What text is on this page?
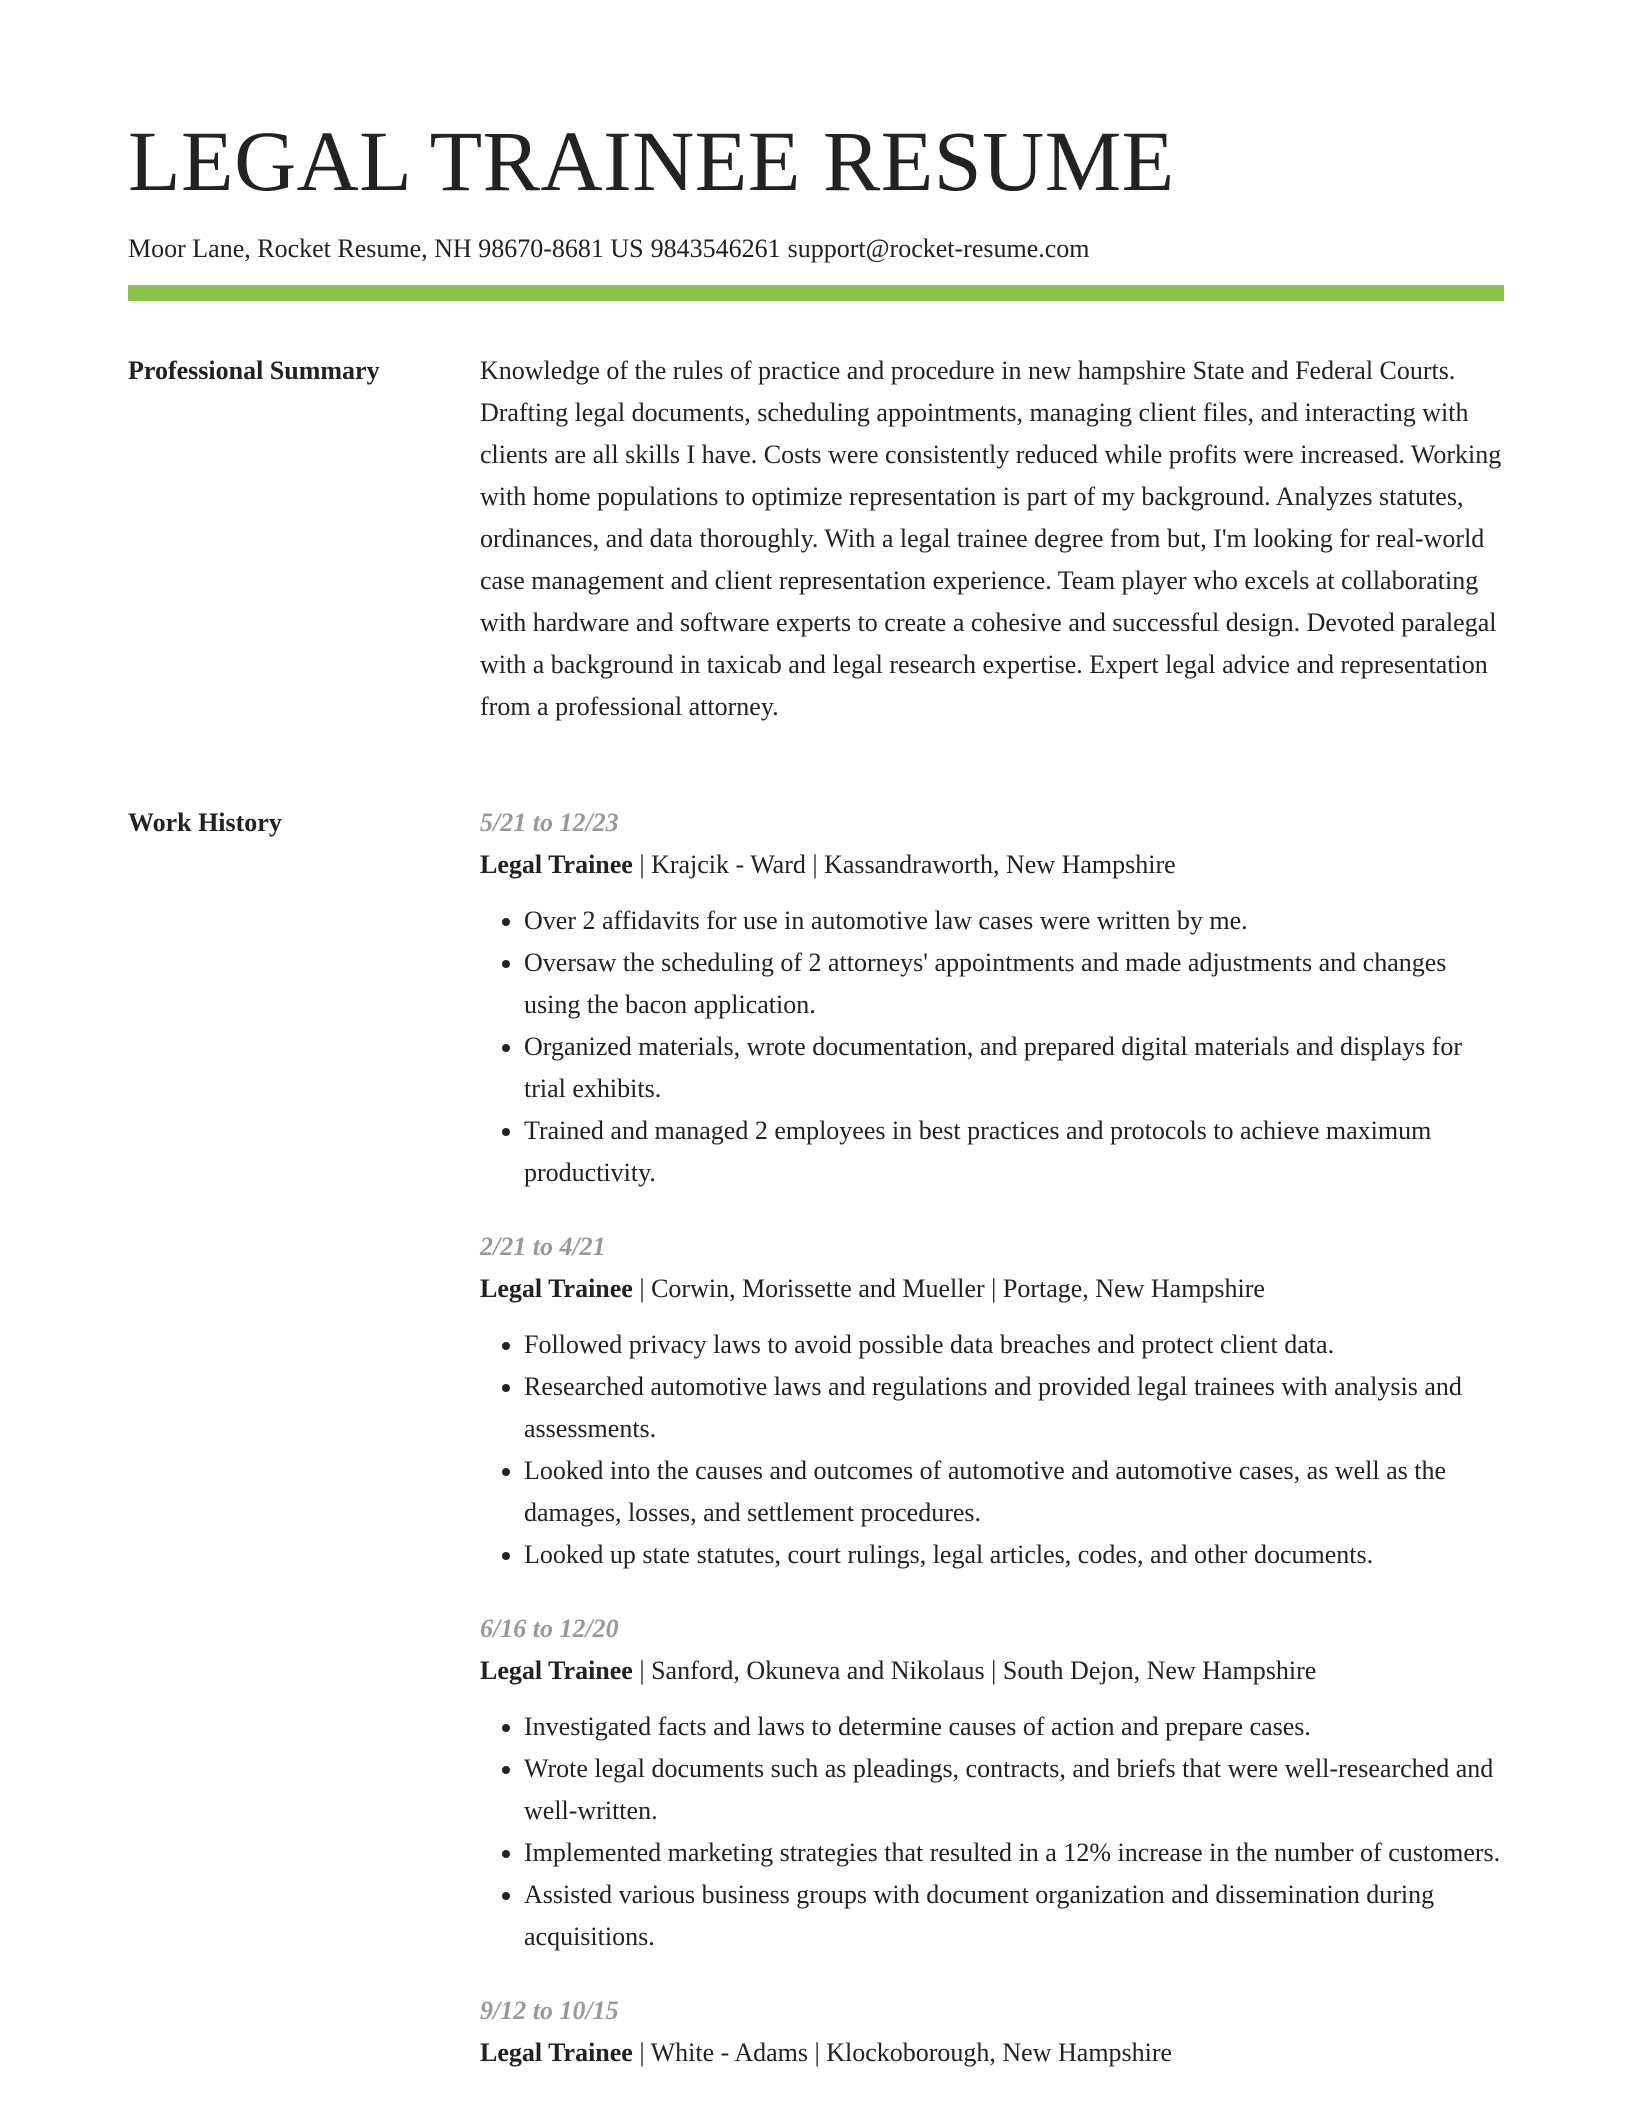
LEGAL TRAINEE RESUME
Moor Lane, Rocket Resume, NH 98670-8681 US 9843546261 support@rocket-resume.com
Professional Summary	Knowledge of the rules of practice and procedure in new hampshire State and Federal Courts. Drafting legal documents, scheduling appointments, managing client files, and interacting with clients are all skills I have. Costs were consistently reduced while profits were increased. Working with home populations to optimize representation is part of my background. Analyzes statutes, ordinances, and data thoroughly. With a legal trainee degree from but, I'm looking for real-world case management and client representation experience. Team player who excels at collaborating with hardware and software experts to create a cohesive and successful design. Devoted paralegal with a background in taxicab and legal research expertise. Expert legal advice and representation from a professional attorney.

Work History	5/21 to 12/23
Legal Trainee | Krajcik - Ward | Kassandraworth, New Hampshire
• Over 2 affidavits for use in automotive law cases were written by me.
• Oversaw the scheduling of 2 attorneys' appointments and made adjustments and changes using the bacon application.
• Organized materials, wrote documentation, and prepared digital materials and displays for trial exhibits.
• Trained and managed 2 employees in best practices and protocols to achieve maximum productivity.
2/21 to 4/21
Legal Trainee | Corwin, Morissette and Mueller | Portage, New Hampshire
• Followed privacy laws to avoid possible data breaches and protect client data.
• Researched automotive laws and regulations and provided legal trainees with analysis and assessments.
• Looked into the causes and outcomes of automotive and automotive cases, as well as the damages, losses, and settlement procedures.
• Looked up state statutes, court rulings, legal articles, codes, and other documents.
6/16 to 12/20
Legal Trainee | Sanford, Okuneva and Nikolaus | South Dejon, New Hampshire
• Investigated facts and laws to determine causes of action and prepare cases.
• Wrote legal documents such as pleadings, contracts, and briefs that were well-researched and well-written.
• Implemented marketing strategies that resulted in a 12% increase in the number of customers.
• Assisted various business groups with document organization and dissemination during acquisitions.
9/12 to 10/15
Legal Trainee | White - Adams | Klockoborough, New Hampshire
